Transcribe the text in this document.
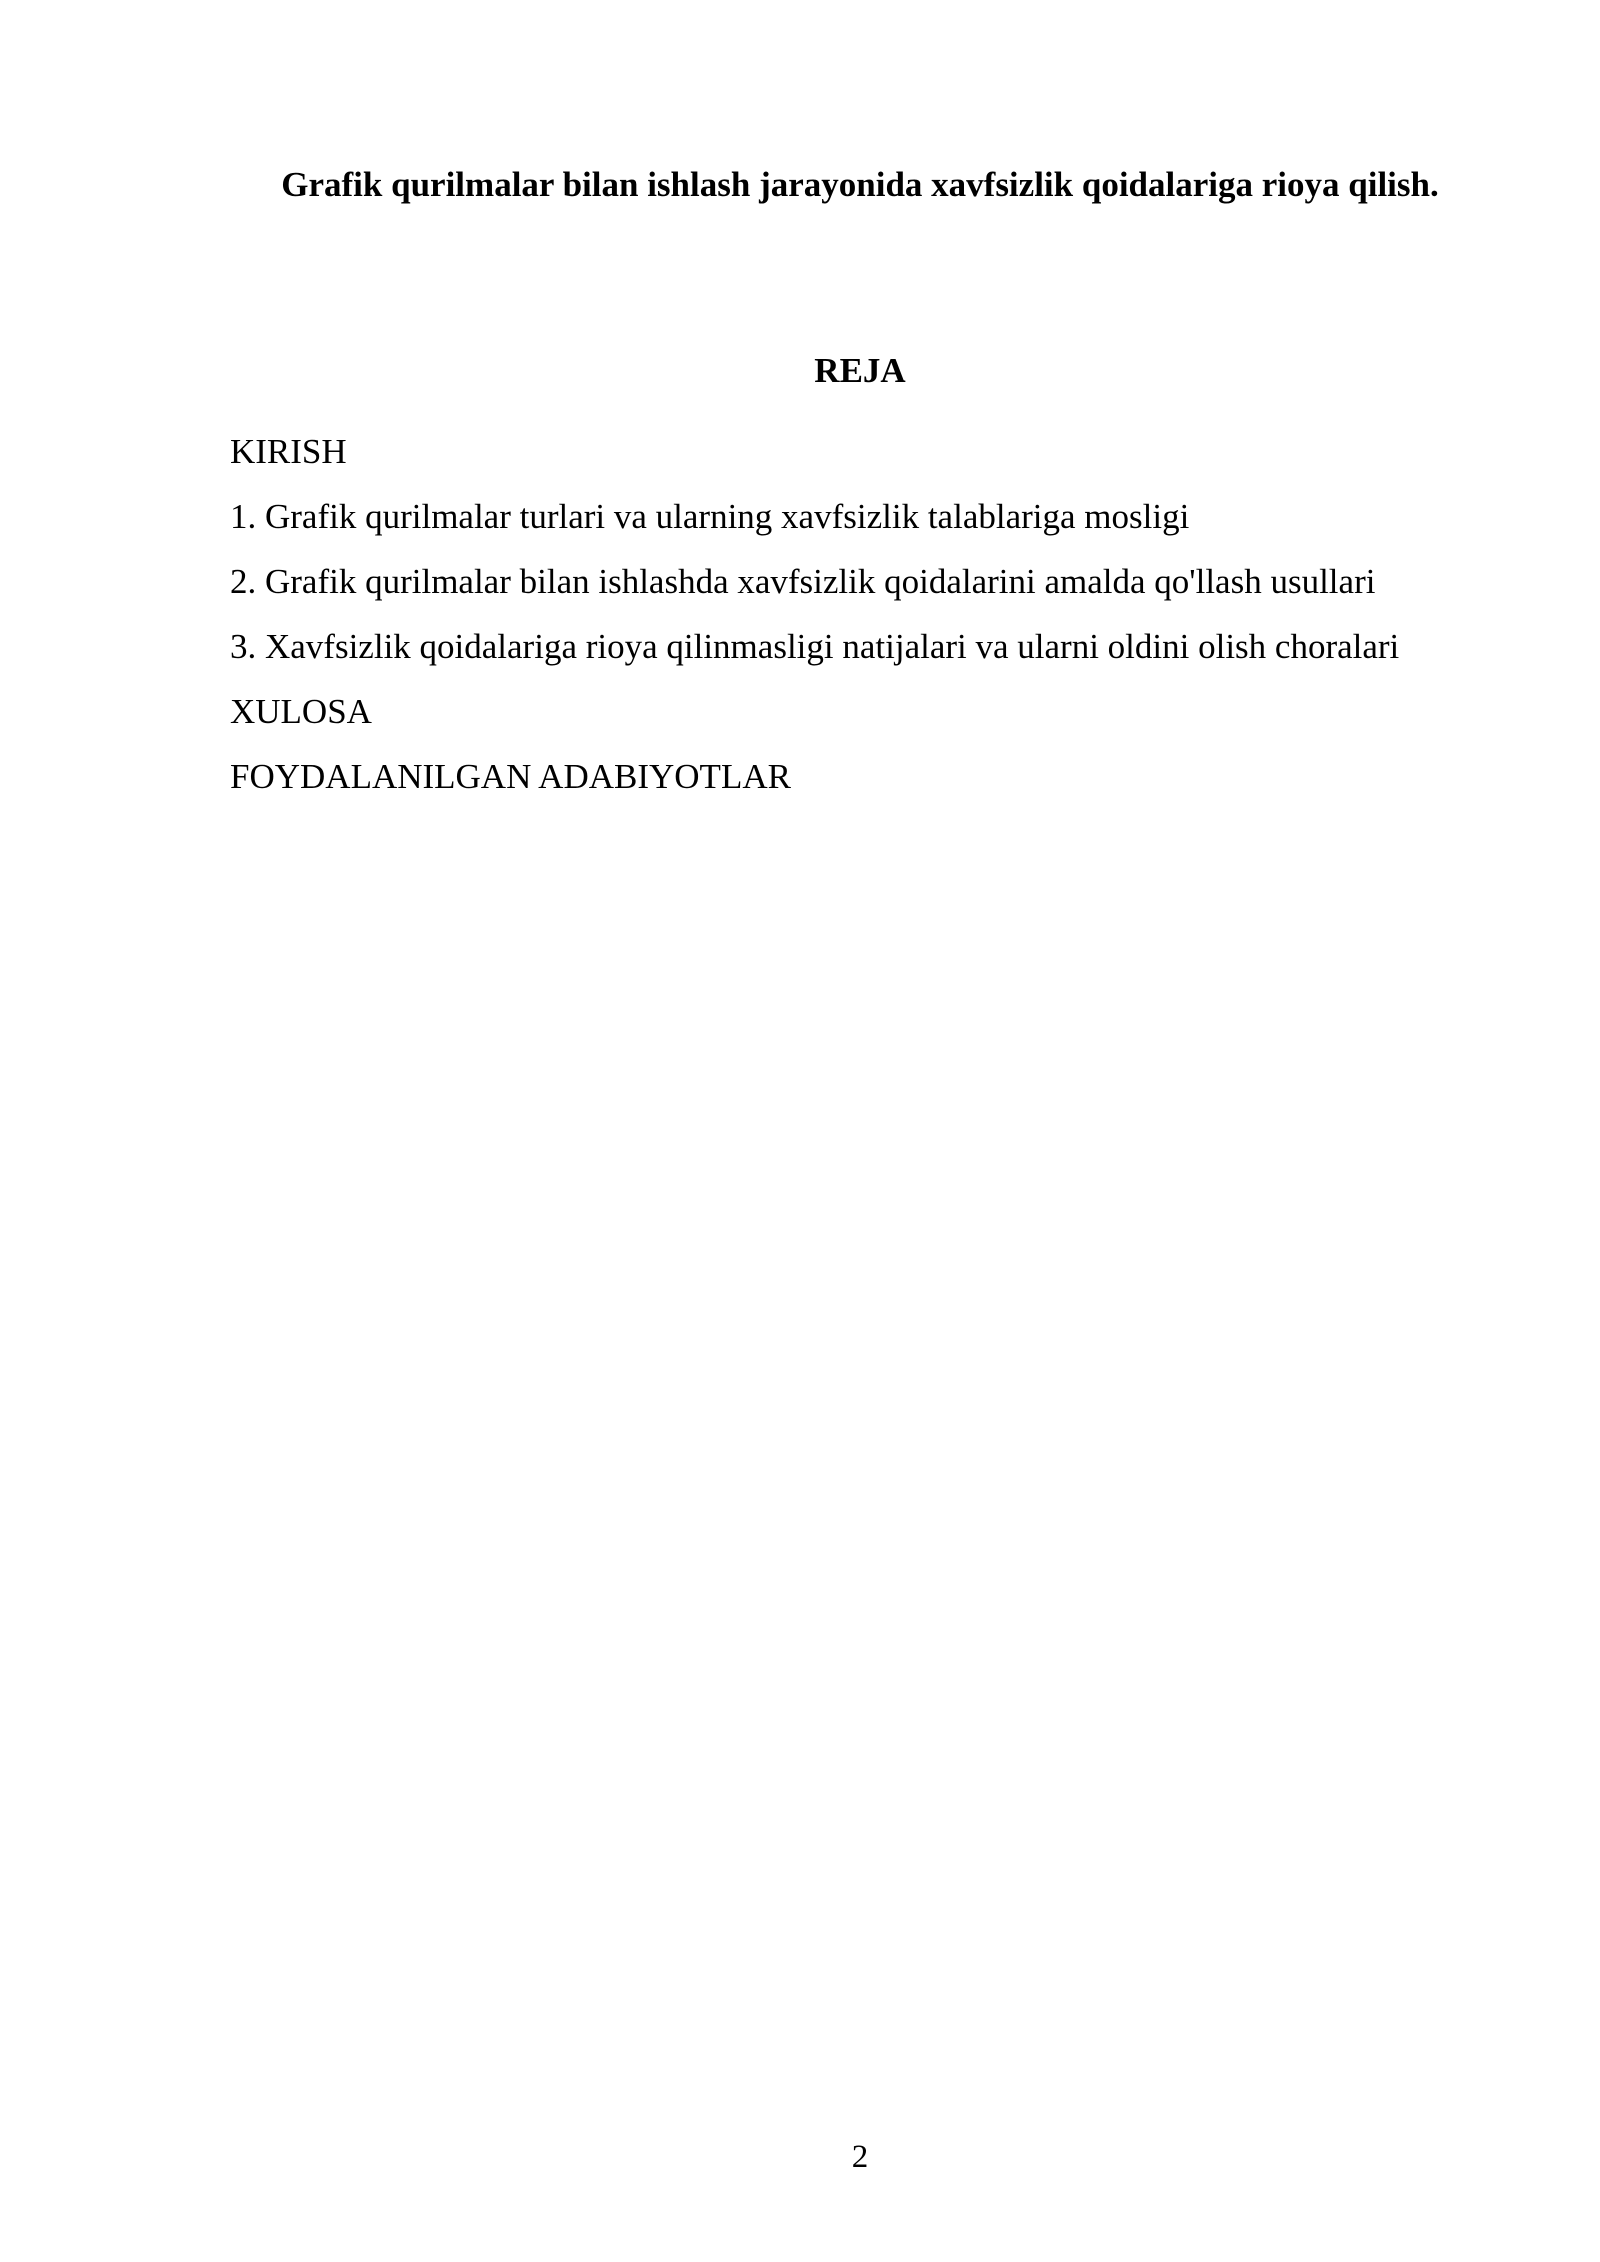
Grafik qurilmalar bilan ishlash jarayonida xavfsizlik qoidalariga rioya qilish.
REJA
KIRISH
1. Grafik qurilmalar turlari va ularning xavfsizlik talablariga mosligi
2. Grafik qurilmalar bilan ishlashda xavfsizlik qoidalarini amalda qo'llash usullari
3. Xavfsizlik qoidalariga rioya qilinmasligi natijalari va ularni oldini olish choralari
XULOSA
FOYDALANILGAN ADABIYOTLAR
2
